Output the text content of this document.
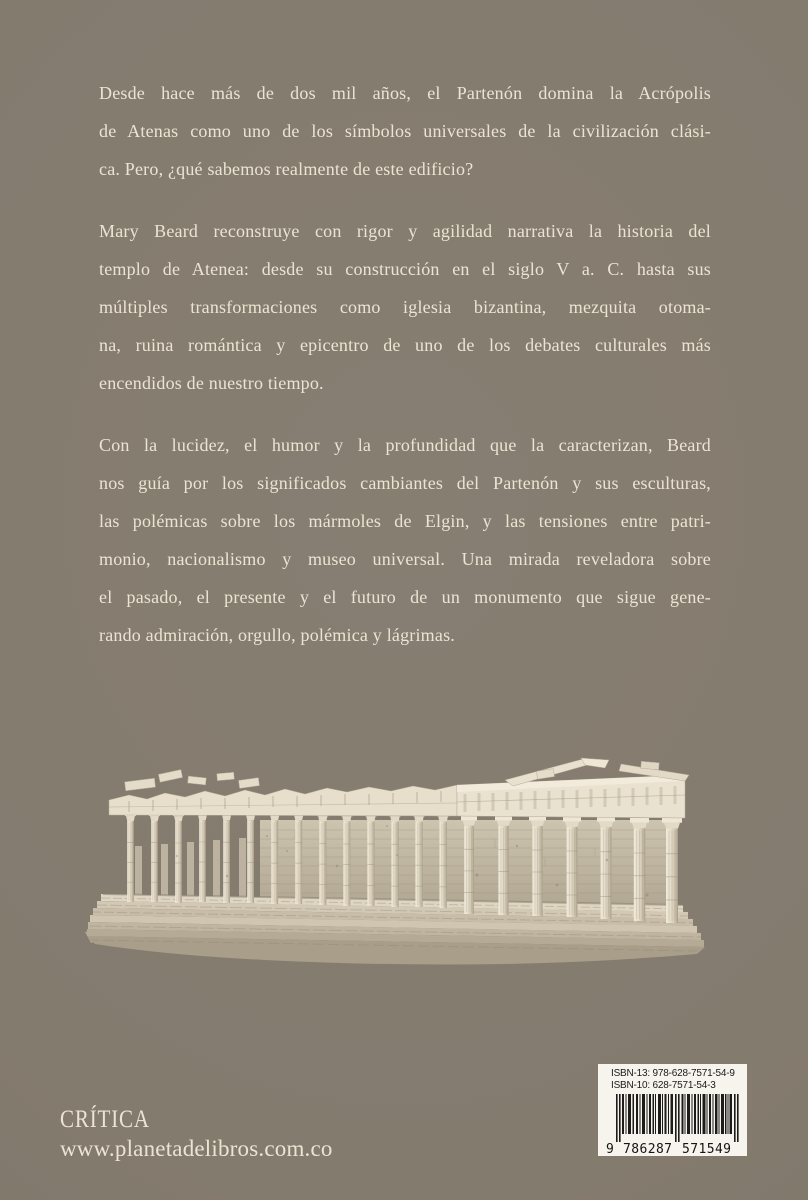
Desde hace más de dos mil años, el Partenón domina la Acrópolis
de Atenas como uno de los símbolos universales de la civilización clási-
ca. Pero, ¿qué sabemos realmente de este edificio?
Mary Beard reconstruye con rigor y agilidad narrativa la historia del
templo de Atenea: desde su construcción en el siglo V a. C. hasta sus
múltiples transformaciones como iglesia bizantina, mezquita otoma-
na, ruina romántica y epicentro de uno de los debates culturales más
encendidos de nuestro tiempo.
Con la lucidez, el humor y la profundidad que la caracterizan, Beard
nos guía por los significados cambiantes del Partenón y sus esculturas,
las polémicas sobre los mármoles de Elgin, y las tensiones entre patri-
monio, nacionalismo y museo universal. Una mirada reveladora sobre
el pasado, el presente y el futuro de un monumento que sigue gene-
rando admiración, orgullo, polémica y lágrimas.
ISBN-13: 978-628-7571-54-9
ISBN-10: 628-7571-54-3
9 786287 571549
CRÍTICA
www.planetadelibros.com.co
